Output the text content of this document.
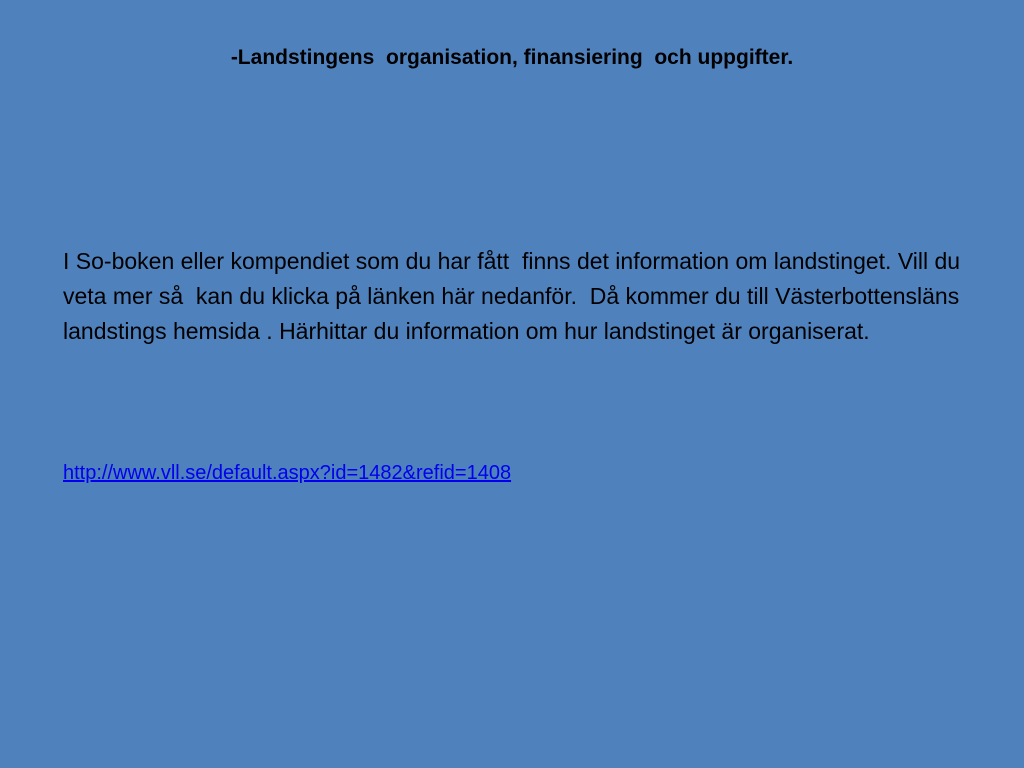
-Landstingens  organisation, finansiering  och uppgifter.

I So-boken eller kompendiet som du har fått  finns det information om landstinget. Vill du veta mer så  kan du klicka på länken här nedanför.  Då kommer du till Västerbottensläns landstings hemsida . Härhittar du information om hur landstinget är organiserat.

http://www.vll.se/default.aspx?id=1482&refid=1408
